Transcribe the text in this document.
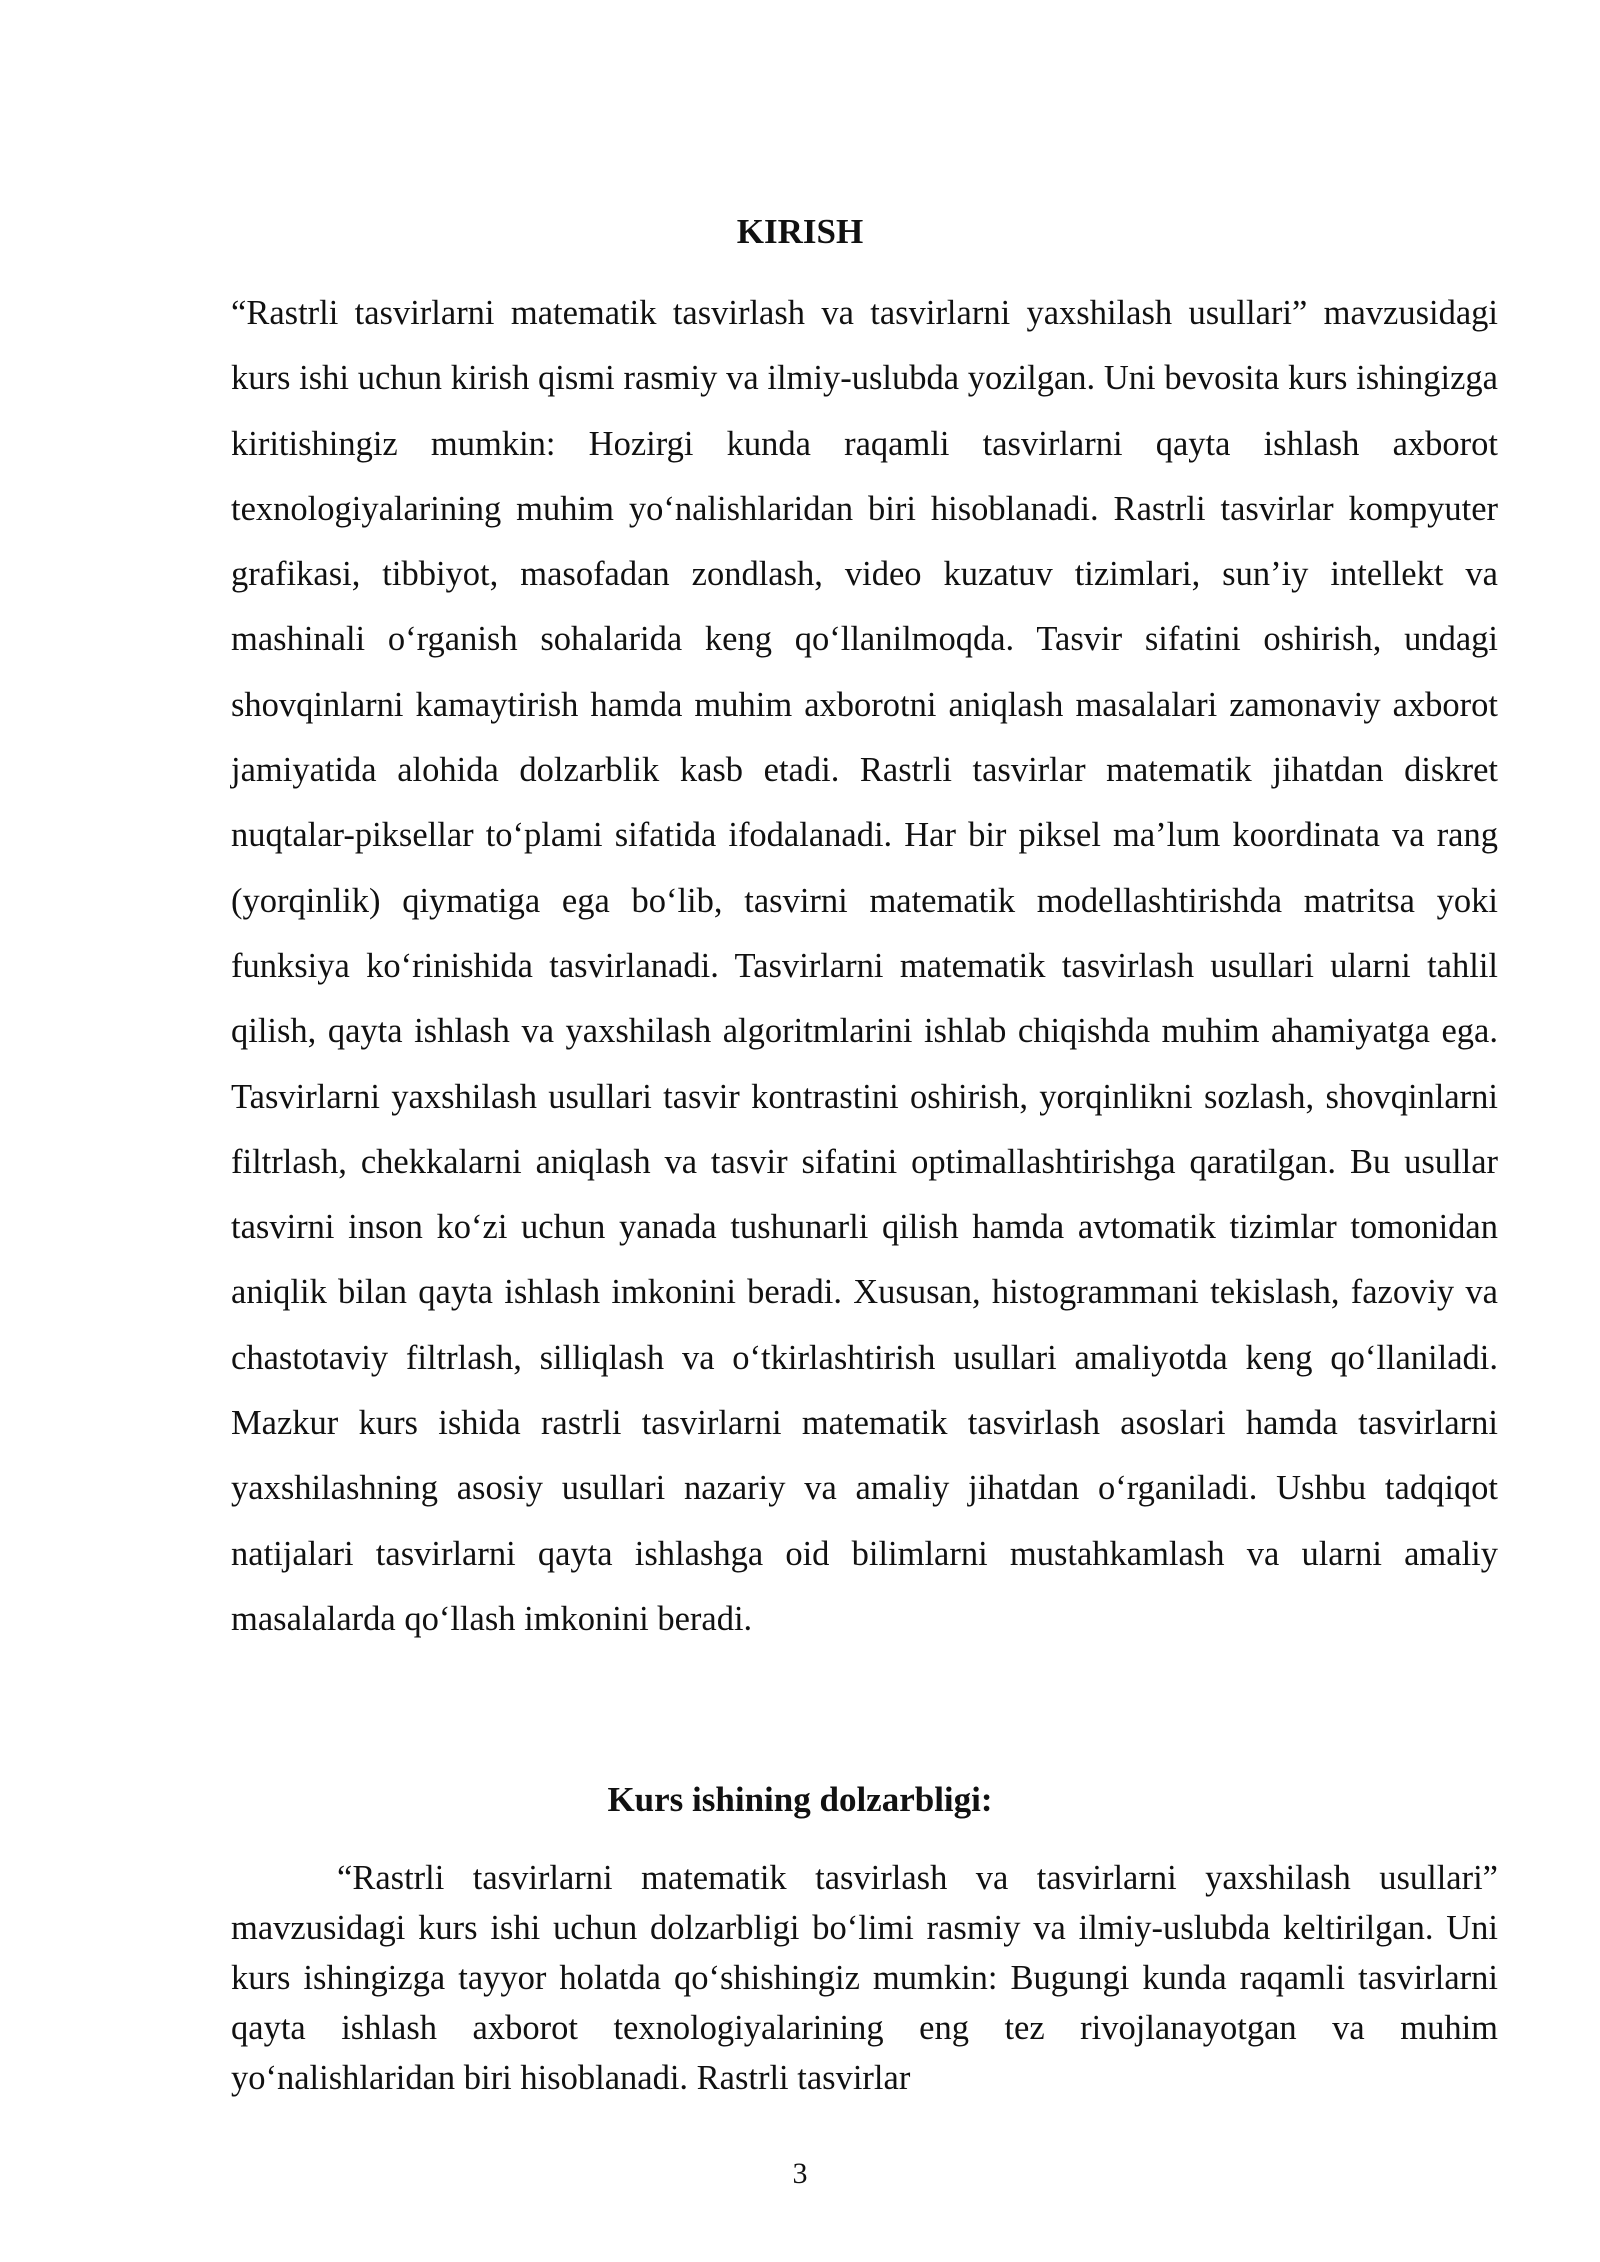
KIRISH

“Rastrli tasvirlarni matematik tasvirlash va tasvirlarni yaxshilash usullari” mavzusidagi kurs ishi uchun kirish qismi rasmiy va ilmiy-uslubda yozilgan. Uni bevosita kurs ishingizga kiritishingiz mumkin: Hozirgi kunda raqamli tasvirlarni qayta ishlash axborot texnologiyalarining muhim yo‘nalishlaridan biri hisoblanadi. Rastrli tasvirlar kompyuter grafikasi, tibbiyot, masofadan zondlash, video kuzatuv tizimlari, sun’iy intellekt va mashinali o‘rganish sohalarida keng qo‘llanilmoqda. Tasvir sifatini oshirish, undagi shovqinlarni kamaytirish hamda muhim axborotni aniqlash masalalari zamonaviy axborot jamiyatida alohida dolzarblik kasb etadi. Rastrli tasvirlar matematik jihatdan diskret nuqtalar-piksellar to‘plami sifatida ifodalanadi. Har bir piksel ma’lum koordinata va rang (yorqinlik) qiymatiga ega bo‘lib, tasvirni matematik modellashtirishda matritsa yoki funksiya ko‘rinishida tasvirlanadi. Tasvirlarni matematik tasvirlash usullari ularni tahlil qilish, qayta ishlash va yaxshilash algoritmlarini ishlab chiqishda muhim ahamiyatga ega. Tasvirlarni yaxshilash usullari tasvir kontrastini oshirish, yorqinlikni sozlash, shovqinlarni filtrlash, chekkalarni aniqlash va tasvir sifatini optimallashtirishga qaratilgan. Bu usullar tasvirni inson ko‘zi uchun yanada tushunarli qilish hamda avtomatik tizimlar tomonidan aniqlik bilan qayta ishlash imkonini beradi. Xususan, histogrammani tekislash, fazoviy va chastotaviy filtrlash, silliqlash va o‘tkirlashtirish usullari amaliyotda keng qo‘llaniladi. Mazkur kurs ishida rastrli tasvirlarni matematik tasvirlash asoslari hamda tasvirlarni yaxshilashning asosiy usullari nazariy va amaliy jihatdan o‘rganiladi. Ushbu tadqiqot natijalari tasvirlarni qayta ishlashga oid bilimlarni mustahkamlash va ularni amaliy masalalarda qo‘llash imkonini beradi.

Kurs ishining dolzarbligi:

“Rastrli tasvirlarni matematik tasvirlash va tasvirlarni yaxshilash usullari” mavzusidagi kurs ishi uchun dolzarbligi bo‘limi rasmiy va ilmiy-uslubda keltirilgan. Uni kurs ishingizga tayyor holatda qo‘shishingiz mumkin: Bugungi kunda raqamli tasvirlarni qayta ishlash axborot texnologiyalarining eng tez rivojlanayotgan va muhim yo‘nalishlaridan biri hisoblanadi. Rastrli tasvirlar

3
